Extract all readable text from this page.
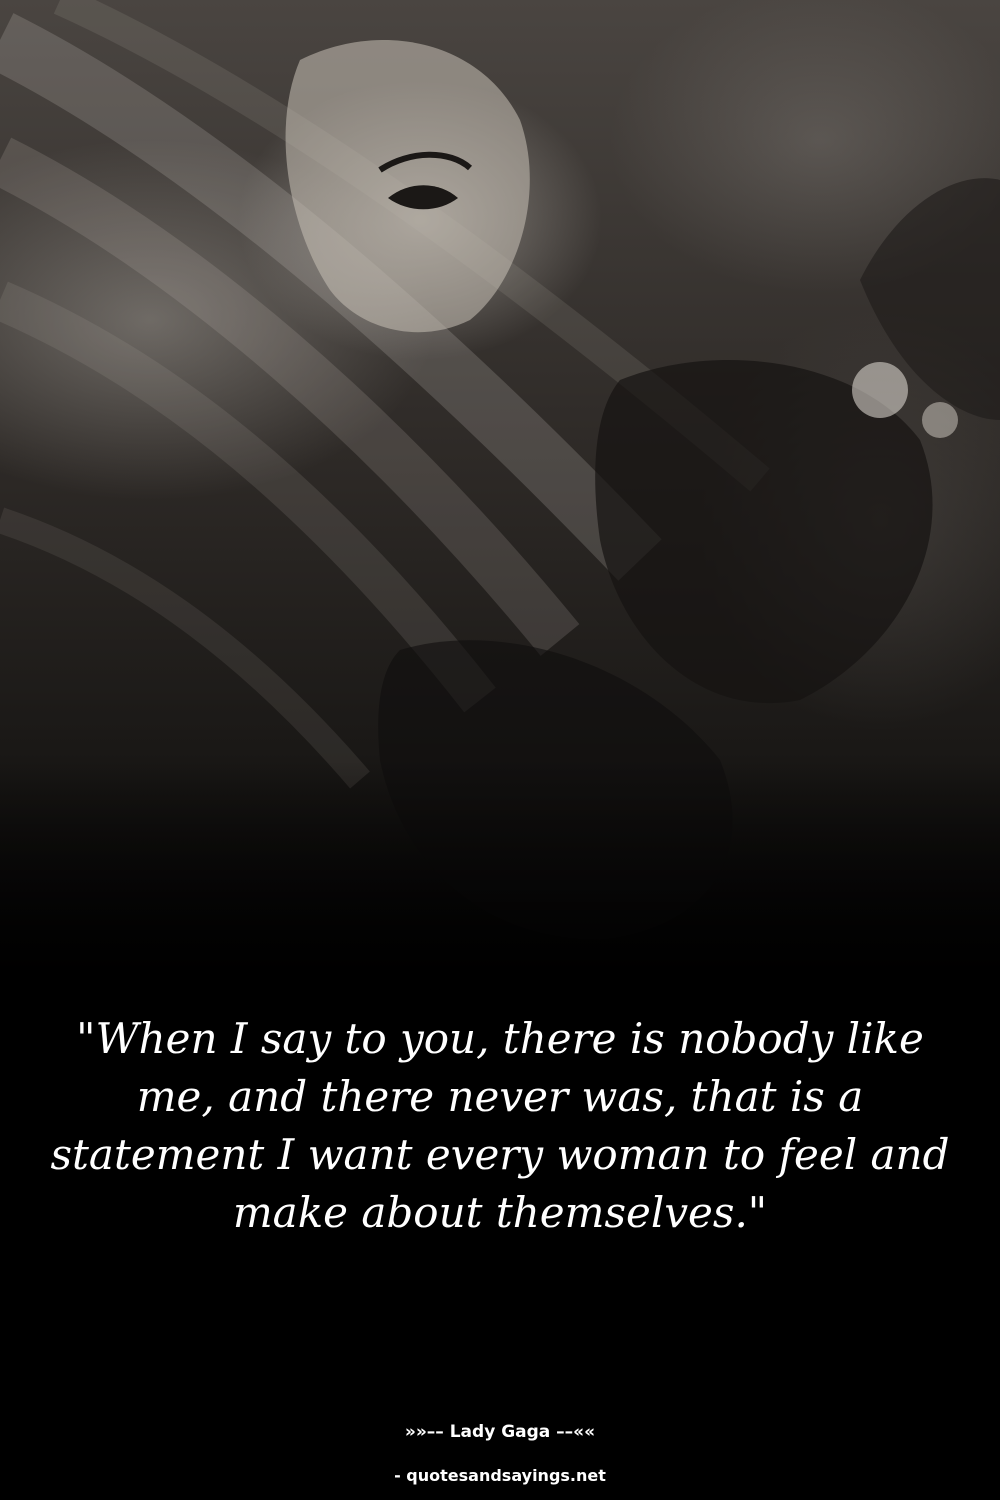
"When I say to you, there is nobody like me, and there never was, that is a statement I want every woman to feel and make about themselves."

»»–– Lady Gaga ––««
- quotesandsayings.net
